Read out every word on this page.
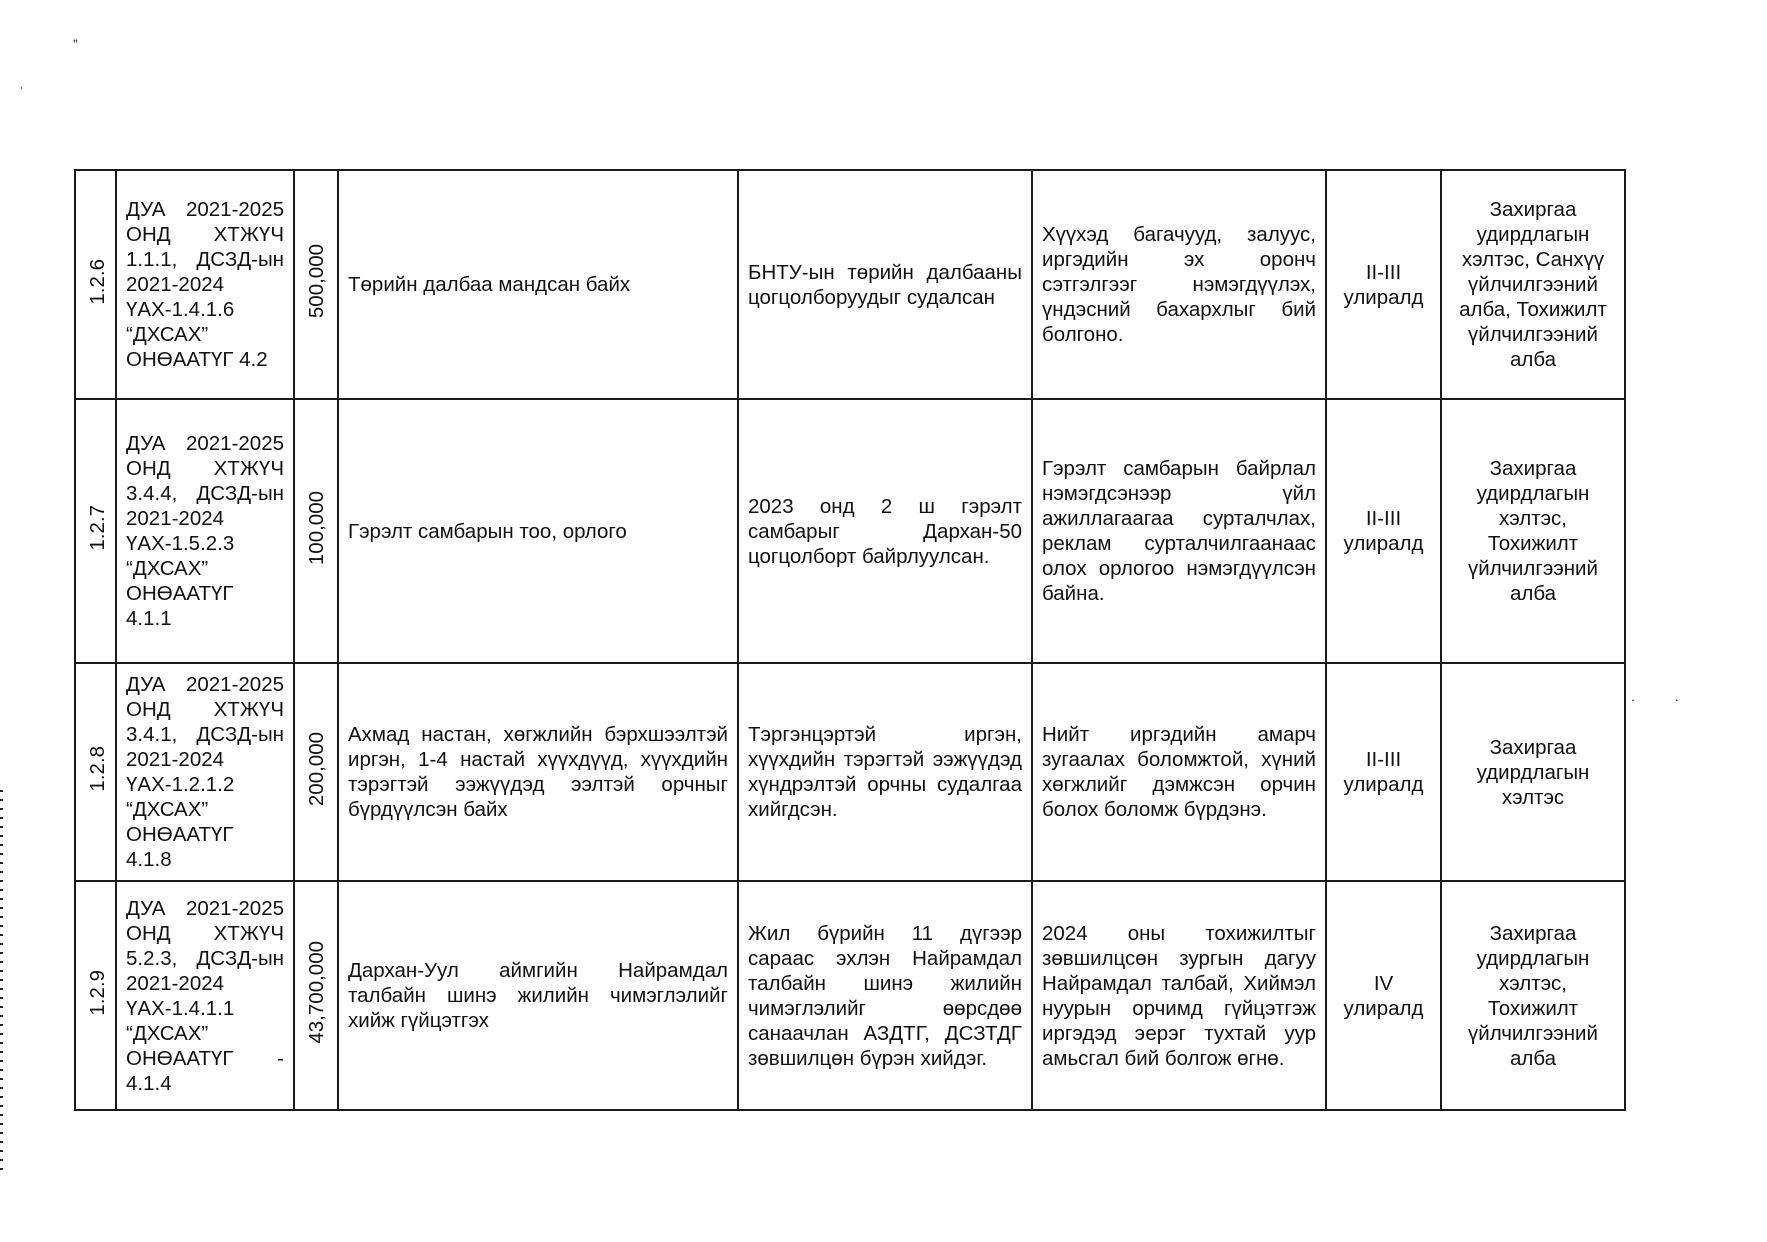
„
ˌ
. .
1.2.6	ДУА 2021-2025 ОНД ХТЖҮЧ 1.1.1, ДСЗД-ын 2021-2024 ҮАХ-1.4.1.6 “ДХСАХ” ОНӨААТҮГ 4.2	500,000	Төрийн далбаа мандсан байх	БНТУ-ын төрийн далбааны цогцолборуудыг судалсан	Хүүхэд багачууд, залуус, иргэдийн эх оронч сэтгэлгээг нэмэгдүүлэх, үндэсний бахархлыг бий болгоно.	II-III улиралд	Захиргаа удирдлагын хэлтэс, Санхүү үйлчилгээний алба, Тохижилт үйлчилгээний алба
1.2.7	ДУА 2021-2025 ОНД ХТЖҮЧ 3.4.4, ДСЗД-ын 2021-2024 ҮАХ-1.5.2.3 “ДХСАХ” ОНӨААТҮГ 4.1.1	100,000	Гэрэлт самбарын тоо, орлого	2023 онд 2 ш гэрэлт самбарыг Дархан-50 цогцолборт байрлуулсан.	Гэрэлт самбарын байрлал нэмэгдсэнээр үйл ажиллагаагаа сурталчлах, реклам сурталчилгаанаас олох орлогоо нэмэгдүүлсэн байна.	II-III улиралд	Захиргаа удирдлагын хэлтэс, Тохижилт үйлчилгээний алба
1.2.8	ДУА 2021-2025 ОНД ХТЖҮЧ 3.4.1, ДСЗД-ын 2021-2024 ҮАХ-1.2.1.2 “ДХСАХ” ОНӨААТҮГ 4.1.8	200,000	Ахмад настан, хөгжлийн бэрхшээлтэй иргэн, 1-4 настай хүүхдүүд, хүүхдийн тэрэгтэй ээжүүдэд ээлтэй орчныг бүрдүүлсэн байх	Тэргэнцэртэй иргэн, хүүхдийн тэрэгтэй ээжүүдэд хүндрэлтэй орчны судалгаа хийгдсэн.	Нийт иргэдийн амарч зугаалах боломжтой, хүний хөгжлийг дэмжсэн орчин болох боломж бүрдэнэ.	II-III улиралд	Захиргаа удирдлагын хэлтэс
1.2.9	ДУА 2021-2025 ОНД ХТЖҮЧ 5.2.3, ДСЗД-ын 2021-2024 ҮАХ-1.4.1.1 “ДХСАХ” ОНӨААТҮГ - 4.1.4	43,700,000	Дархан-Уул аймгийн Найрамдал талбайн шинэ жилийн чимэглэлийг хийж гүйцэтгэх	Жил бүрийн 11 дүгээр сараас эхлэн Найрамдал талбайн шинэ жилийн чимэглэлийг өөрсдөө санаачлан АЗДТГ, ДСЗТДГ зөвшилцөн бүрэн хийдэг.	2024 оны тохижилтыг зөвшилцсөн зургын дагуу Найрамдал талбай, Хиймэл нуурын орчимд гүйцэтгэж иргэдэд эерэг тухтай уур амьсгал бий болгож өгнө.	IV улиралд	Захиргаа удирдлагын хэлтэс, Тохижилт үйлчилгээний алба
